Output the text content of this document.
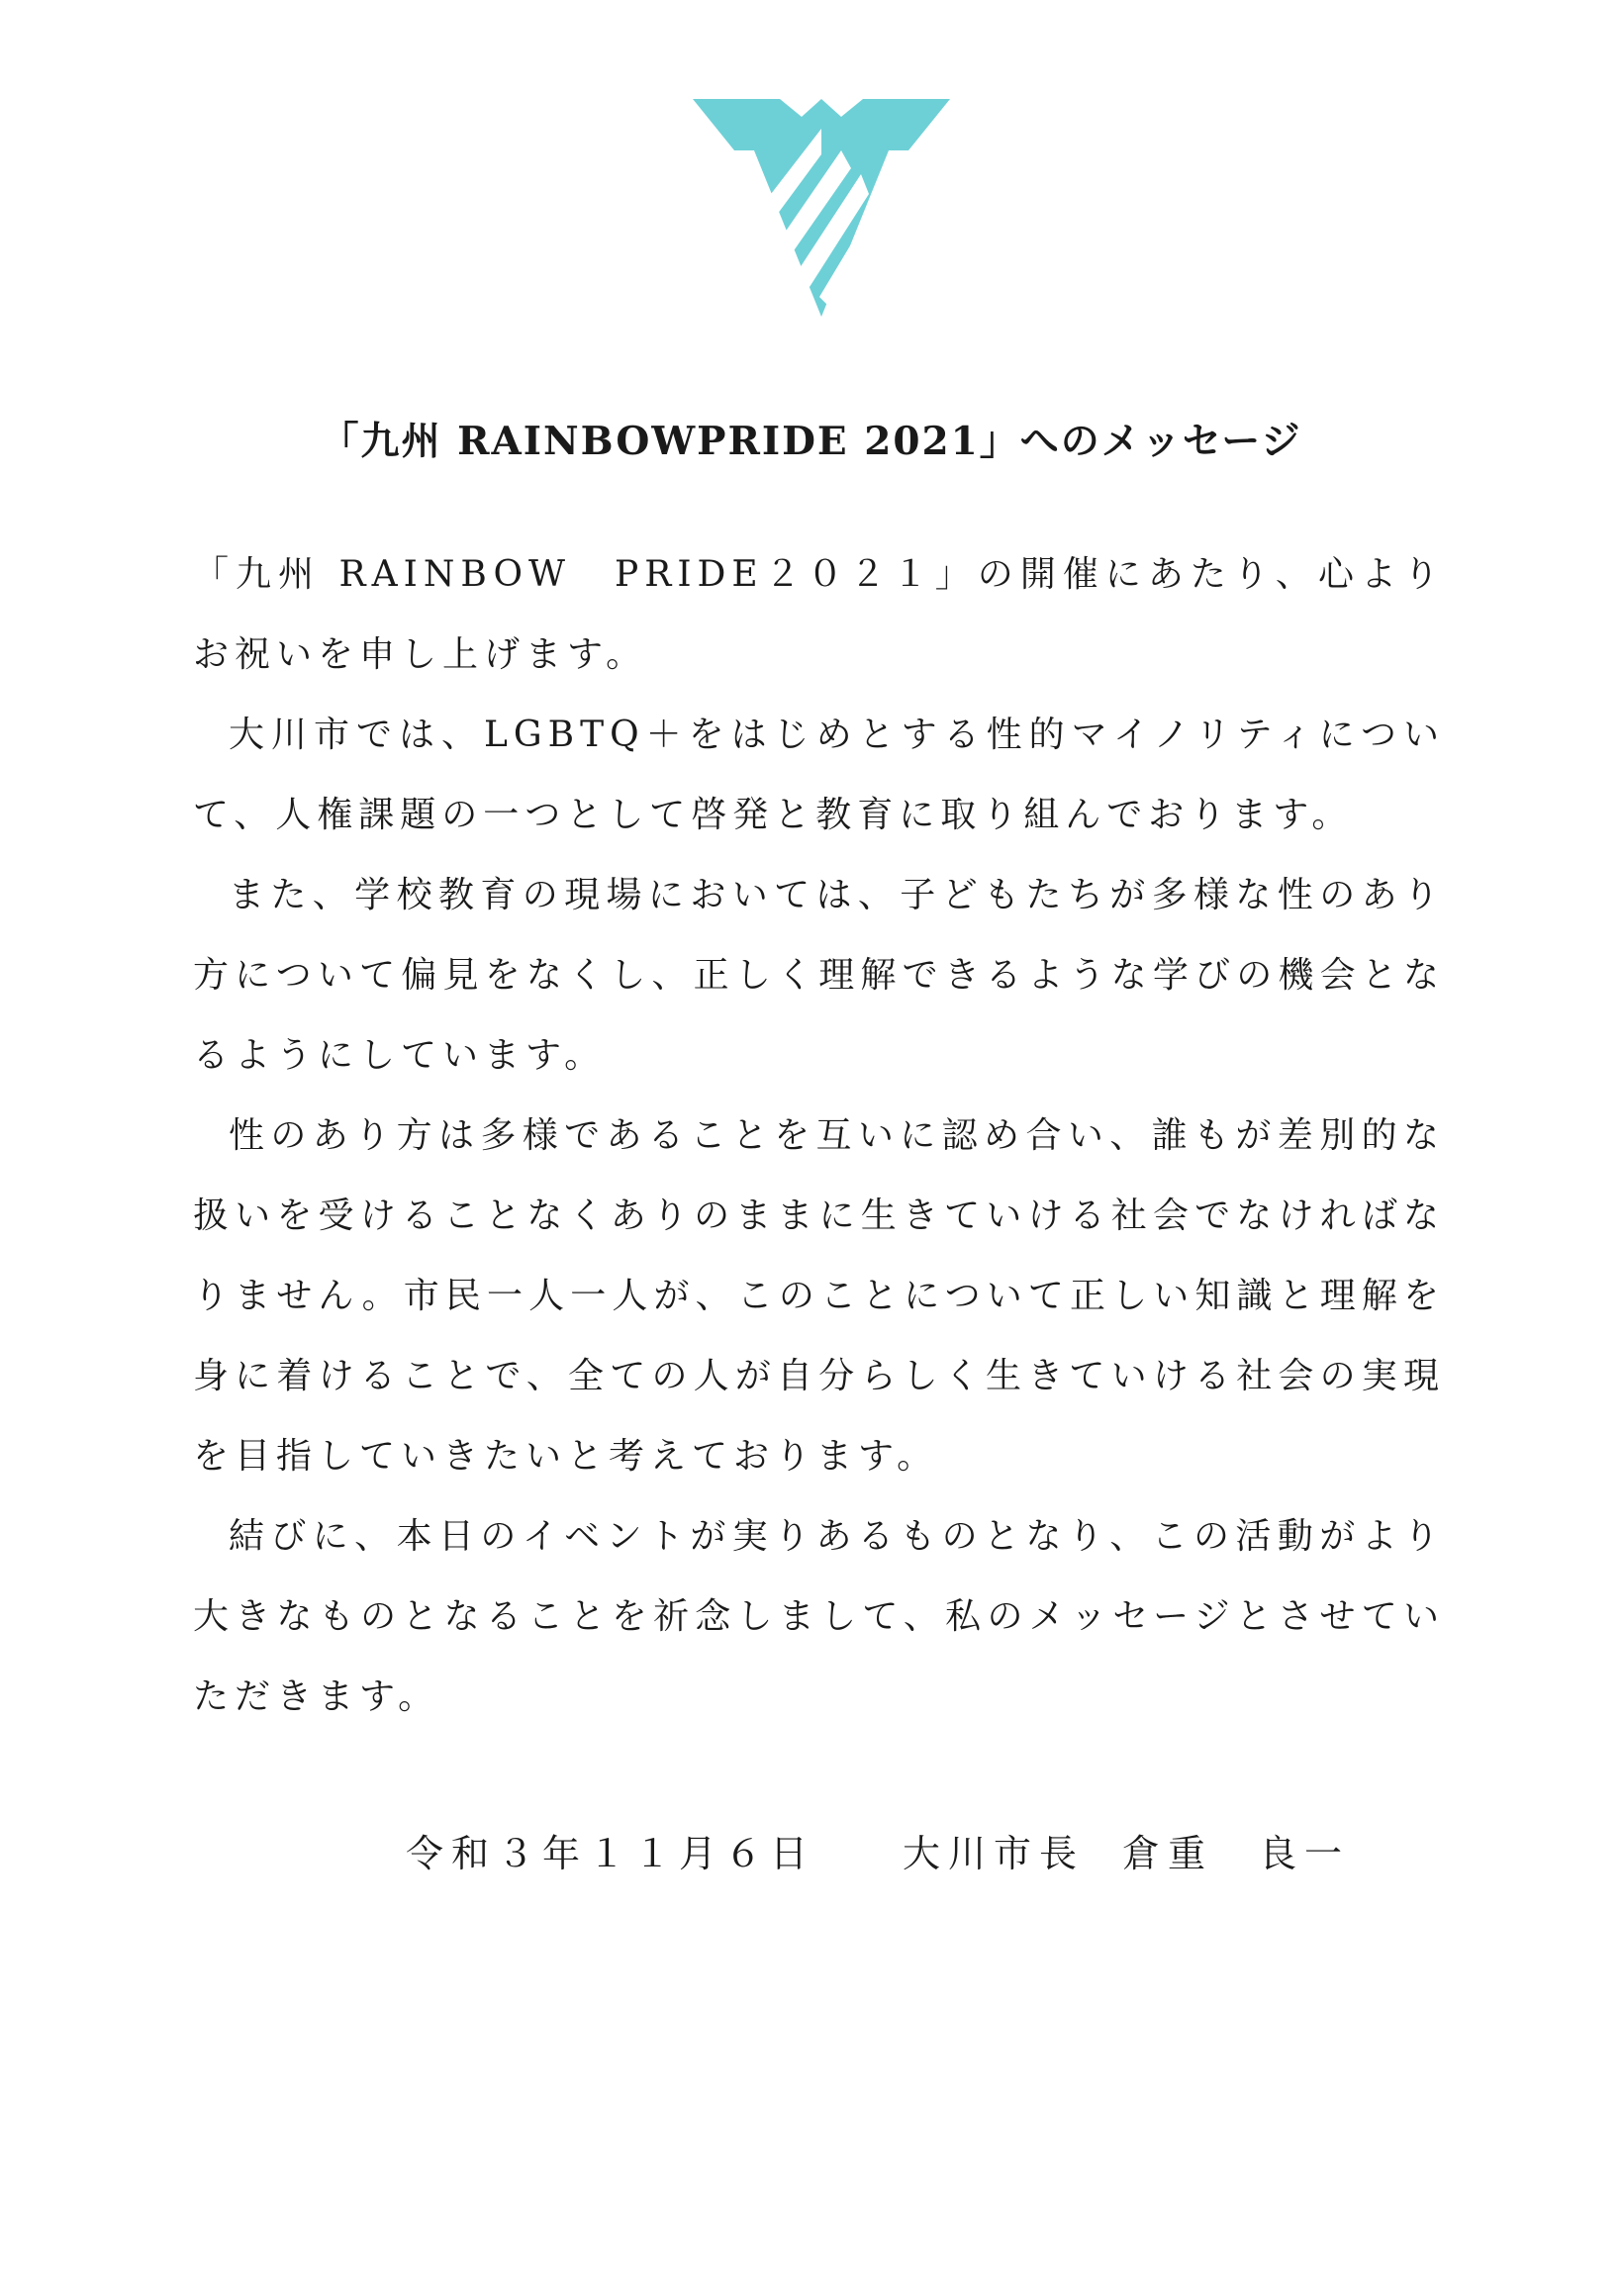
「九州 RAINBOWPRIDE 2021」へのメッセージ

「九州 RAINBOW　PRIDE２０２１」の開催にあたり、心よりお祝いを申し上げます。

大川市では、LGBTQ＋をはじめとする性的マイノリティについて、人権課題の一つとして啓発と教育に取り組んでおります。

また、学校教育の現場においては、子どもたちが多様な性のあり方について偏見をなくし、正しく理解できるような学びの機会となるようにしています。

性のあり方は多様であることを互いに認め合い、誰もが差別的な扱いを受けることなくありのままに生きていける社会でなければなりません。市民一人一人が、このことについて正しい知識と理解を身に着けることで、全ての人が自分らしく生きていける社会の実現を目指していきたいと考えております。

結びに、本日のイベントが実りあるものとなり、この活動がより大きなものとなることを祈念しまして、私のメッセージとさせていただきます。

令和３年１１月６日 大川市長 倉重　良一
